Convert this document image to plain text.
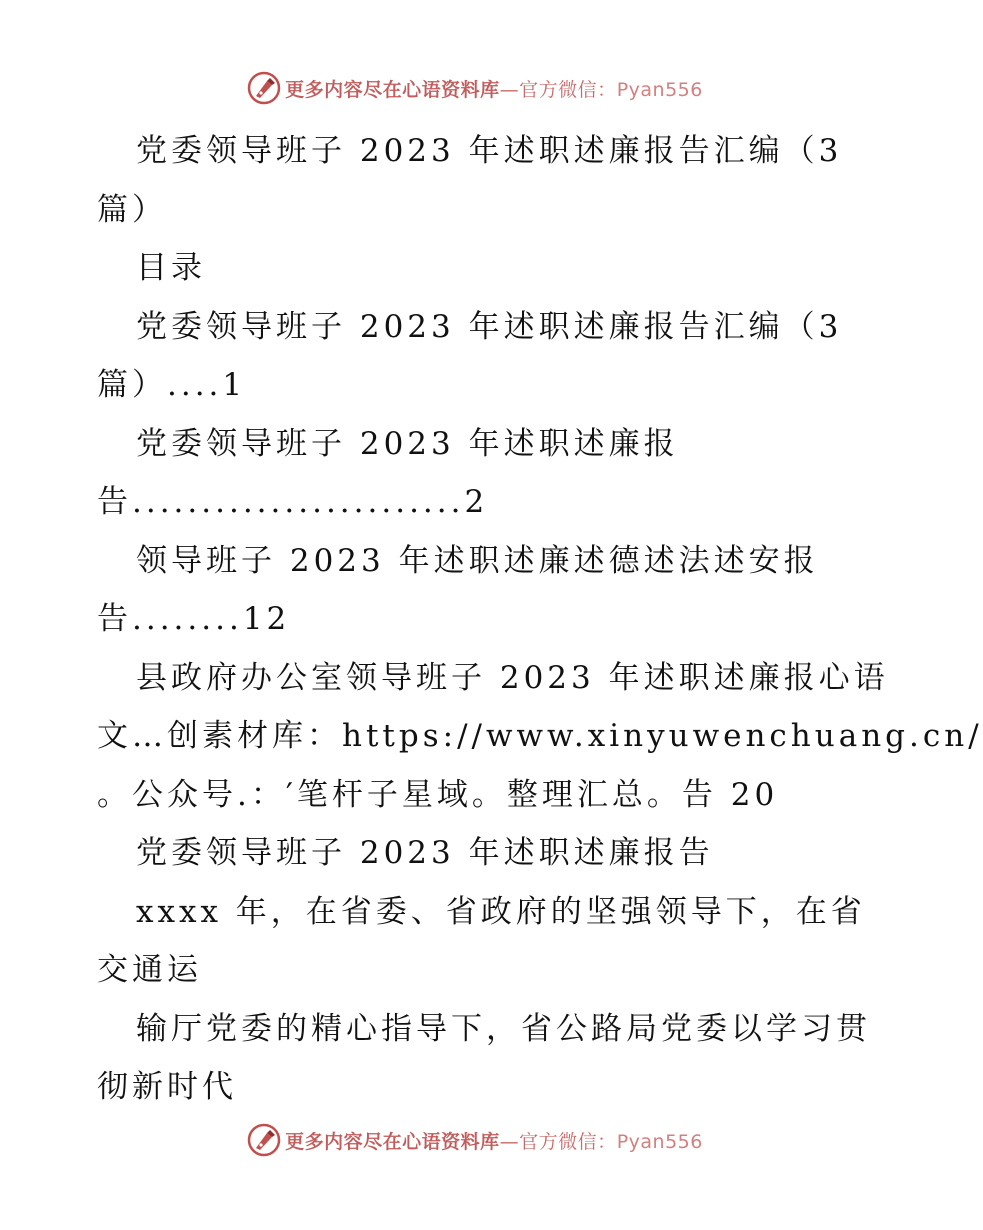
更多内容尽在心语资料库—官方微信：Pyan556
党委领导班子 2023 年述职述廉报告汇编（3
篇）
目录
党委领导班子 2023 年述职述廉报告汇编（3
篇）....1
党委领导班子 2023 年述职述廉报
告........................2
领导班子 2023 年述职述廉述德述法述安报
告........12
县政府办公室领导班子 2023 年述职述廉报心语
文…创素材库：https://www.xinyuwenchuang.cn/
。公众号.：′笔杆子星域。整理汇总。告 20
党委领导班子 2023 年述职述廉报告
xxxx 年，在省委、省政府的坚强领导下，在省
交通运
输厅党委的精心指导下，省公路局党委以学习贯
彻新时代
更多内容尽在心语资料库—官方微信：Pyan556
